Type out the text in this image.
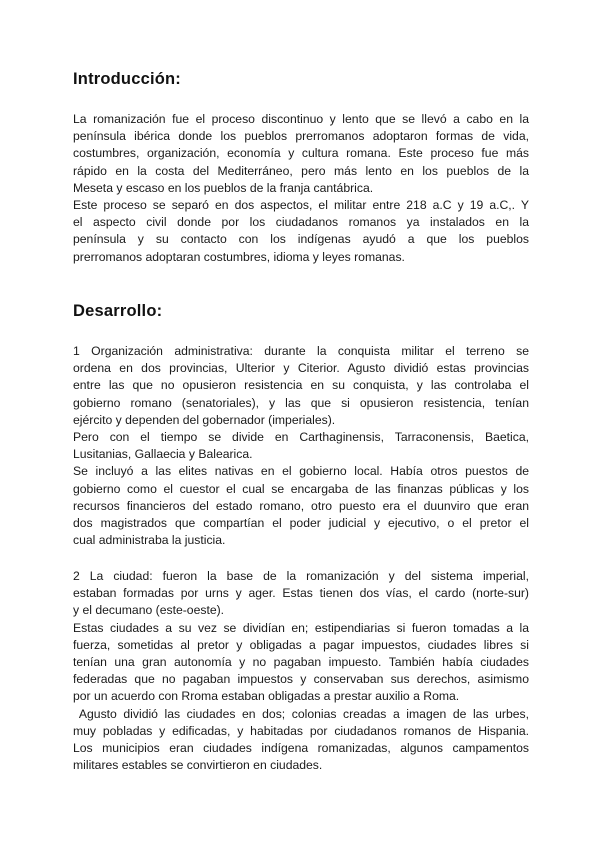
Introducción:
La romanización fue el proceso discontinuo y lento que se llevó a cabo en la
península ibérica donde los pueblos prerromanos adoptaron formas de vida,
costumbres, organización, economía y cultura romana. Este proceso fue más
rápido en la costa del Mediterráneo, pero más lento en los pueblos de la
Meseta y escaso en los pueblos de la franja cantábrica.
Este proceso se separó en dos aspectos, el militar entre 218 a.C y 19 a.C,. Y
el aspecto civil donde por los ciudadanos romanos ya instalados en la
península y su contacto con los indígenas ayudó a que los pueblos
prerromanos adoptaran costumbres, idioma y leyes romanas.
Desarrollo:
1 Organización administrativa: durante la conquista militar el terreno se
ordena en dos provincias, Ulterior y Citerior. Agusto dividió estas provincias
entre las que no opusieron resistencia en su conquista, y las controlaba el
gobierno romano (senatoriales), y las que si opusieron resistencia, tenían
ejército y dependen del gobernador (imperiales).
Pero con el tiempo se divide en Carthaginensis, Tarraconensis, Baetica,
Lusitanias, Gallaecia y Balearica.
Se incluyó a las elites nativas en el gobierno local. Había otros puestos de
gobierno como el cuestor el cual se encargaba de las finanzas públicas y los
recursos financieros del estado romano, otro puesto era el duunviro que eran
dos magistrados que compartían el poder judicial y ejecutivo, o el pretor el
cual administraba la justicia.
2 La ciudad: fueron la base de la romanización y del sistema imperial,
estaban formadas por urns y ager. Estas tienen dos vías, el cardo (norte-sur)
y el decumano (este-oeste).
Estas ciudades a su vez se dividían en; estipendiarias si fueron tomadas a la
fuerza, sometidas al pretor y obligadas a pagar impuestos, ciudades libres si
tenían una gran autonomía y no pagaban impuesto. También había ciudades
federadas que no pagaban impuestos y conservaban sus derechos, asimismo
por un acuerdo con Rroma estaban obligadas a prestar auxilio a Roma.
Agusto dividió las ciudades en dos; colonias creadas a imagen de las urbes,
muy pobladas y edificadas, y habitadas por ciudadanos romanos de Hispania.
Los municipios eran ciudades indígena romanizadas, algunos campamentos
militares estables se convirtieron en ciudades.
